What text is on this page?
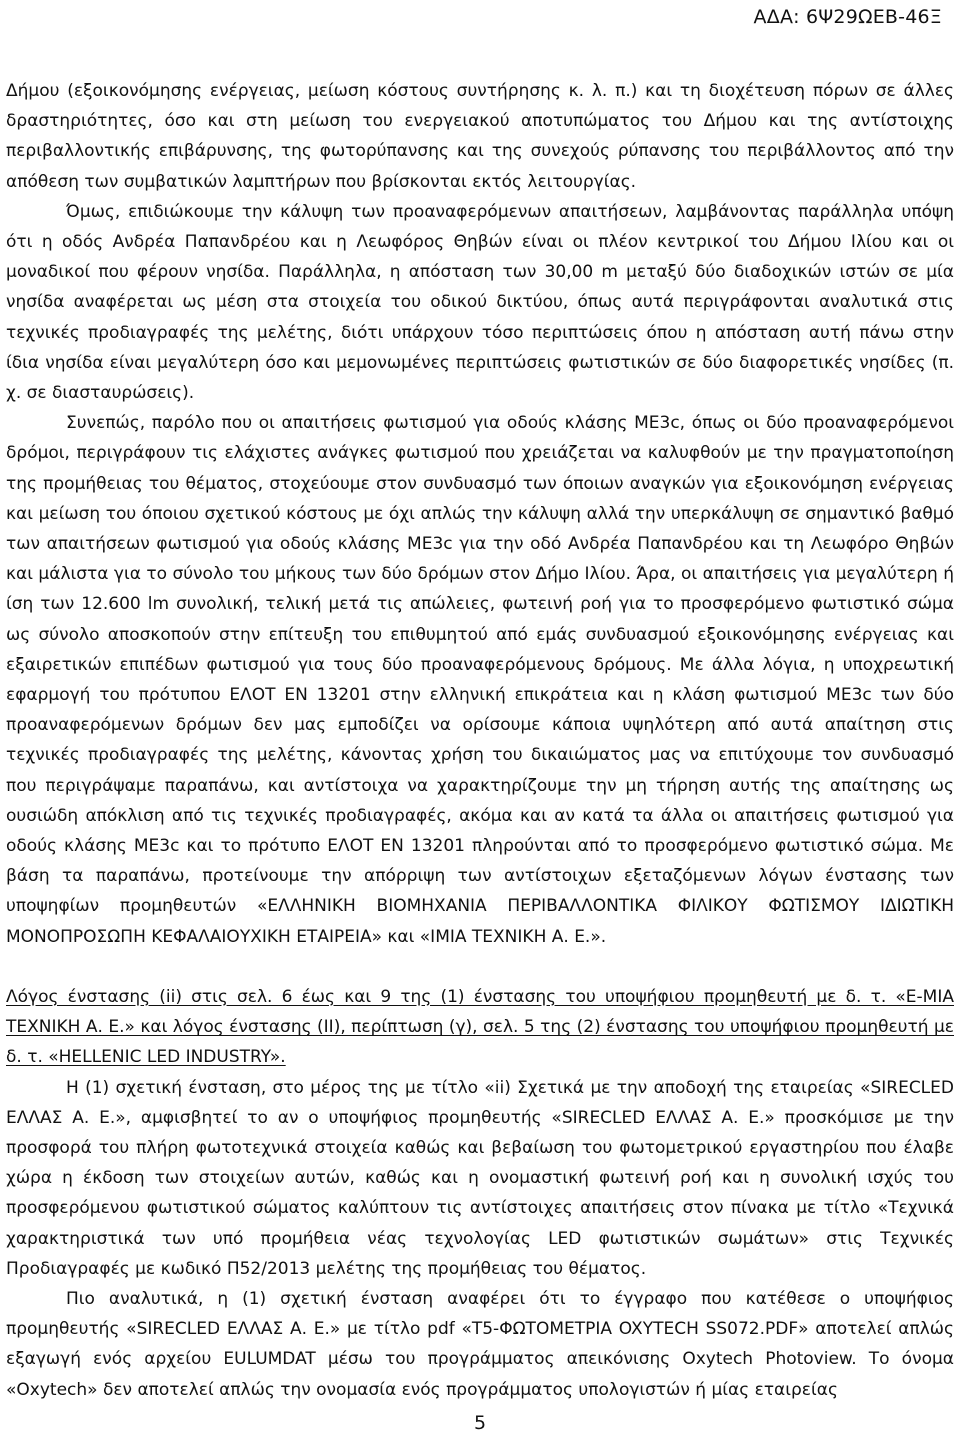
ΑΔΑ: 6Ψ29ΩΕΒ-46Ξ

Δήμου (εξοικονόμησης ενέργειας, μείωση κόστους συντήρησης κ. λ. π.) και τη διοχέτευση πόρων σε άλλες δραστηριότητες, όσο και στη μείωση του ενεργειακού αποτυπώματος του Δήμου και της αντίστοιχης περιβαλλοντικής επιβάρυνσης, της φωτορύπανσης και της συνεχούς ρύπανσης του περιβάλλοντος από την απόθεση των συμβατικών λαμπτήρων που βρίσκονται εκτός λειτουργίας.

Όμως, επιδιώκουμε την κάλυψη των προαναφερόμενων απαιτήσεων, λαμβάνοντας παράλληλα υπόψη ότι η οδός Ανδρέα Παπανδρέου και η Λεωφόρος Θηβών είναι οι πλέον κεντρικοί του Δήμου Ιλίου και οι μοναδικοί που φέρουν νησίδα. Παράλληλα, η απόσταση των 30,00 m μεταξύ δύο διαδοχικών ιστών σε μία νησίδα αναφέρεται ως μέση στα στοιχεία του οδικού δικτύου, όπως αυτά περιγράφονται αναλυτικά στις τεχνικές προδιαγραφές της μελέτης, διότι υπάρχουν τόσο περιπτώσεις όπου η απόσταση αυτή πάνω στην ίδια νησίδα είναι μεγαλύτερη όσο και μεμονωμένες περιπτώσεις φωτιστικών σε δύο διαφορετικές νησίδες (π. χ. σε διασταυρώσεις).

Συνεπώς, παρόλο που οι απαιτήσεις φωτισμού για οδούς κλάσης ΜΕ3c, όπως οι δύο προαναφερόμενοι δρόμοι, περιγράφουν τις ελάχιστες ανάγκες φωτισμού που χρειάζεται να καλυφθούν με την πραγματοποίηση της προμήθειας του θέματος, στοχεύουμε στον συνδυασμό των όποιων αναγκών για εξοικονόμηση ενέργειας και μείωση του όποιου σχετικού κόστους με όχι απλώς την κάλυψη αλλά την υπερκάλυψη σε σημαντικό βαθμό των απαιτήσεων φωτισμού για οδούς κλάσης ΜΕ3c για την οδό Ανδρέα Παπανδρέου και τη Λεωφόρο Θηβών και μάλιστα για το σύνολο του μήκους των δύο δρόμων στον Δήμο Ιλίου. Άρα, οι απαιτήσεις για μεγαλύτερη ή ίση των 12.600 lm συνολική, τελική μετά τις απώλειες, φωτεινή ροή για το προσφερόμενο φωτιστικό σώμα ως σύνολο αποσκοπούν στην επίτευξη του επιθυμητού από εμάς συνδυασμού εξοικονόμησης ενέργειας και εξαιρετικών επιπέδων φωτισμού για τους δύο προαναφερόμενους δρόμους. Με άλλα λόγια, η υποχρεωτική εφαρμογή του πρότυπου ΕΛΟΤ ΕΝ 13201 στην ελληνική επικράτεια και η κλάση φωτισμού ΜΕ3c των δύο προαναφερόμενων δρόμων δεν μας εμποδίζει να ορίσουμε κάποια υψηλότερη από αυτά απαίτηση στις τεχνικές προδιαγραφές της μελέτης, κάνοντας χρήση του δικαιώματος μας να επιτύχουμε τον συνδυασμό που περιγράψαμε παραπάνω, και αντίστοιχα να χαρακτηρίζουμε την μη τήρηση αυτής της απαίτησης ως ουσιώδη απόκλιση από τις τεχνικές προδιαγραφές, ακόμα και αν κατά τα άλλα οι απαιτήσεις φωτισμού για οδούς κλάσης ΜΕ3c και το πρότυπο ΕΛΟΤ ΕΝ 13201 πληρούνται από το προσφερόμενο φωτιστικό σώμα. Με βάση τα παραπάνω, προτείνουμε την απόρριψη των αντίστοιχων εξεταζόμενων λόγων ένστασης των υποψηφίων προμηθευτών «ΕΛΛΗΝΙΚΗ ΒΙΟΜΗΧΑΝΙΑ ΠΕΡΙΒΑΛΛΟΝΤΙΚΑ ΦΙΛΙΚΟΥ ΦΩΤΙΣΜΟΥ ΙΔΙΩΤΙΚΗ ΜΟΝΟΠΡΟΣΩΠΗ ΚΕΦΑΛΑΙΟΥΧΙΚΗ ΕΤΑΙΡΕΙΑ» και «ΙΜΙΑ ΤΕΧΝΙΚΗ Α. Ε.».

Λόγος ένστασης (ii) στις σελ. 6 έως και 9 της (1) ένστασης του υποψήφιου προμηθευτή με δ. τ. «Ε-ΜΙΑ ΤΕΧΝΙΚΗ Α. Ε.» και λόγος ένστασης (ΙΙ), περίπτωση (γ), σελ. 5 της (2) ένστασης του υποψήφιου προμηθευτή με δ. τ. «HELLENIC LED INDUSTRY».

Η (1) σχετική ένσταση, στο μέρος της με τίτλο «ii) Σχετικά με την αποδοχή της εταιρείας «SIRECLED ΕΛΛΑΣ Α. Ε.», αμφισβητεί το αν ο υποψήφιος προμηθευτής «SIRECLED ΕΛΛΑΣ Α. Ε.» προσκόμισε με την προσφορά του πλήρη φωτοτεχνικά στοιχεία καθώς και βεβαίωση του φωτομετρικού εργαστηρίου που έλαβε χώρα η έκδοση των στοιχείων αυτών, καθώς και η ονομαστική φωτεινή ροή και η συνολική ισχύς του προσφερόμενου φωτιστικού σώματος καλύπτουν τις αντίστοιχες απαιτήσεις στον πίνακα με τίτλο «Τεχνικά χαρακτηριστικά των υπό προμήθεια νέας τεχνολογίας LED φωτιστικών σωμάτων» στις Τεχνικές Προδιαγραφές με κωδικό Π52/2013 μελέτης της προμήθειας του θέματος.

Πιο αναλυτικά, η (1) σχετική ένσταση αναφέρει ότι το έγγραφο που κατέθεσε ο υποψήφιος προμηθευτής «SIRECLED ΕΛΛΑΣ Α. Ε.» με τίτλο pdf «Τ5-ΦΩΤΟΜΕΤΡΙΑ OXYTECH SS072.PDF» αποτελεί απλώς εξαγωγή ενός αρχείου EULUMDAT μέσω του προγράμματος απεικόνισης Oxytech Photoview. Το όνομα «Oxytech» δεν αποτελεί απλώς την ονομασία ενός προγράμματος υπολογιστών ή μίας εταιρείας

5
